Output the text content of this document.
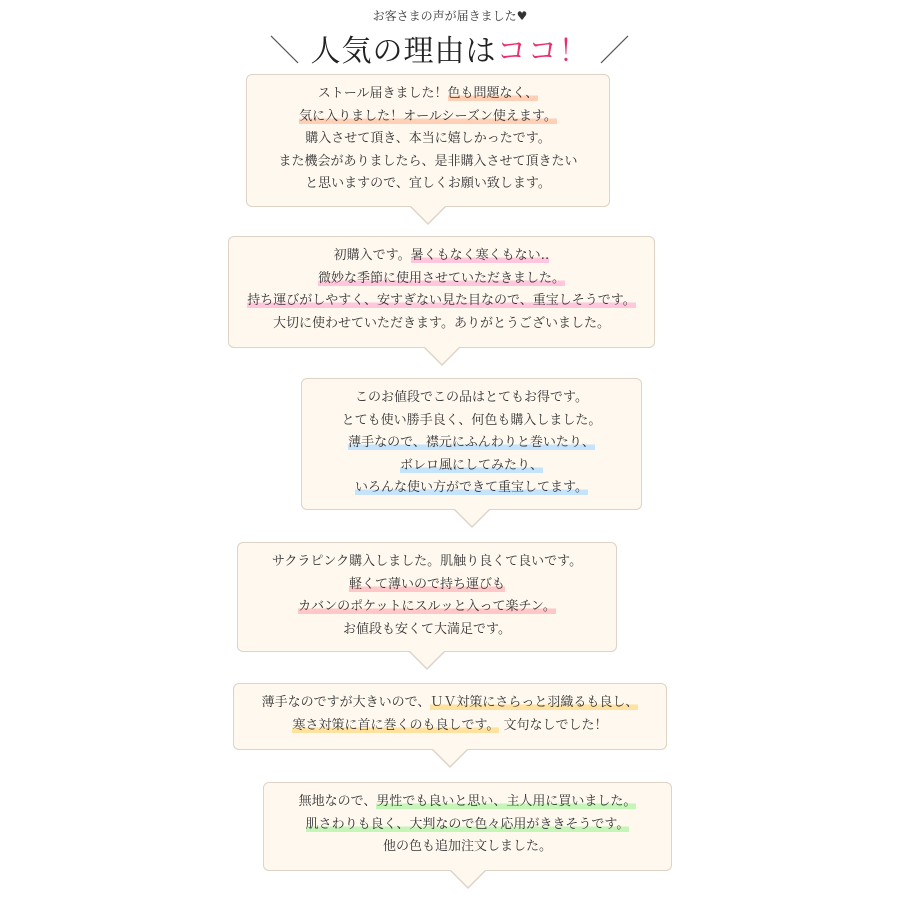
お客さまの声が届きました♥
＼ 人気の理由はココ！ ／
ストール届きました！色も問題なく、
気に入りました！オールシーズン使えます。
購入させて頂き、本当に嬉しかったです。
また機会がありましたら、是非購入させて頂きたい
と思いますので、宜しくお願い致します。
初購入です。暑くもなく寒くもない‥
微妙な季節に使用させていただきました。
持ち運びがしやすく、安すぎない見た目なので、重宝しそうです。
大切に使わせていただきます。ありがとうございました。
このお値段でこの品はとてもお得です。
とても使い勝手良く、何色も購入しました。
薄手なので、襟元にふんわりと巻いたり、
ボレロ風にしてみたり、
いろんな使い方ができて重宝してます。
サクラピンク購入しました。肌触り良くて良いです。
軽くて薄いので持ち運びも
カバンのポケットにスルッと入って楽チン。
お値段も安くて大満足です。
薄手なのですが大きいので、ＵＶ対策にさらっと羽織るも良し、
寒さ対策に首に巻くのも良しです。 文句なしでした！
無地なので、男性でも良いと思い、主人用に買いました。
肌さわりも良く、大判なので色々応用がききそうです。
他の色も追加注文しました。
